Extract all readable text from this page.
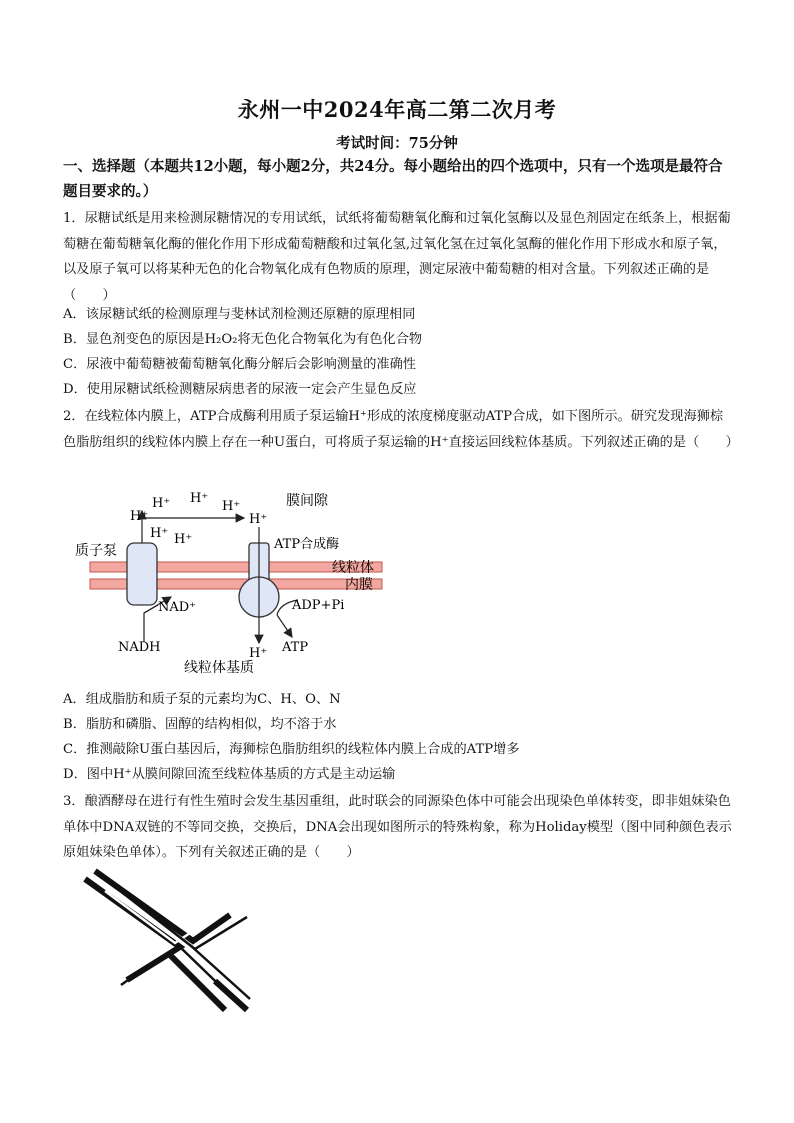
永州一中2024年高二第二次月考
考试时间：75分钟
一、选择题（本题共12小题，每小题2分，共24分。每小题给出的四个选项中，只有一个选项是最符合题目要求的。）
1．尿糖试纸是用来检测尿糖情况的专用试纸，试纸将葡萄糖氧化酶和过氧化氢酶以及显色剂固定在纸条上，根据葡萄糖在葡萄糖氧化酶的催化作用下形成葡萄糖酸和过氧化氢,过氧化氢在过氧化氢酶的催化作用下形成水和原子氧，以及原子氧可以将某种无色的化合物氧化成有色物质的原理，测定尿液中葡萄糖的相对含量。下列叙述正确的是（　　）
A．该尿糖试纸的检测原理与斐林试剂检测还原糖的原理相同
B．显色剂变色的原因是H₂O₂将无色化合物氧化为有色化合物
C．尿液中葡萄糖被葡萄糖氧化酶分解后会影响测量的准确性
D．使用尿糖试纸检测糖尿病患者的尿液一定会产生显色反应
2．在线粒体内膜上，ATP合成酶利用质子泵运输H⁺形成的浓度梯度驱动ATP合成，如下图所示。研究发现海狮棕色脂肪组织的线粒体内膜上存在一种U蛋白，可将质子泵运输的H⁺直接运回线粒体基质。下列叙述正确的是（　　）
H⁺ H⁺
H⁺
H⁺	H⁺
H⁺ H⁺
H⁺
膜间隙
质子泵	ATP合成酶
线粒体
内膜
NAD⁺	ADP+Pi
NADH	ATP
线粒体基质
A．组成脂肪和质子泵的元素均为C、H、O、N
B．脂肪和磷脂、固醇的结构相似，均不溶于水
C．推测敲除U蛋白基因后，海狮棕色脂肪组织的线粒体内膜上合成的ATP增多
D．图中H⁺从膜间隙回流至线粒体基质的方式是主动运输
3．酿酒酵母在进行有性生殖时会发生基因重组，此时联会的同源染色体中可能会出现染色单体转变，即非姐妹染色单体中DNA双链的不等同交换，交换后，DNA会出现如图所示的特殊构象，称为Holiday模型（图中同种颜色表示原姐妹染色单体）。下列有关叙述正确的是（　　）
